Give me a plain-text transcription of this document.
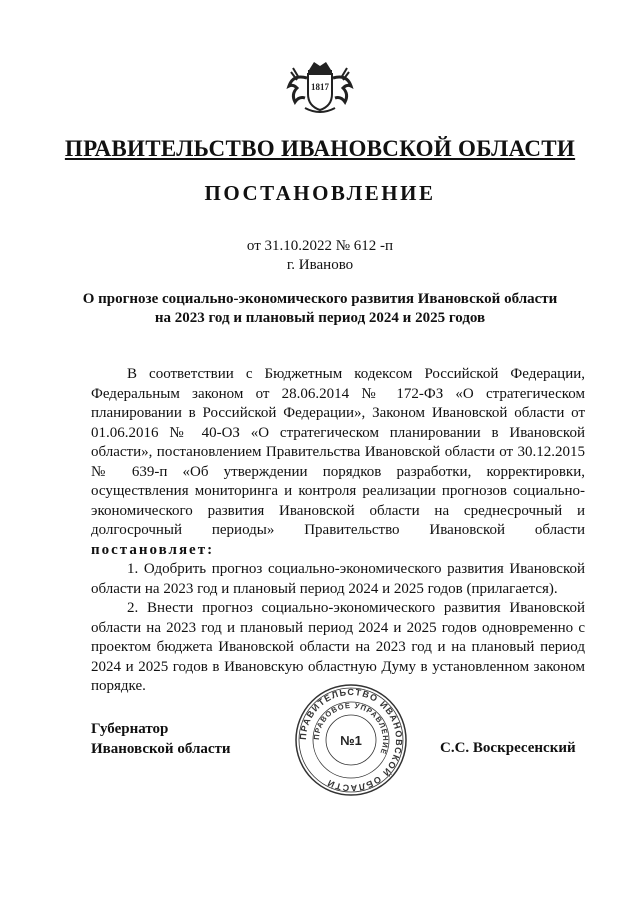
1817
ПРАВИТЕЛЬСТВО ИВАНОВСКОЙ ОБЛАСТИ
ПОСТАНОВЛЕНИЕ
от 31.10.2022 № 612 -п
г. Иваново
О прогнозе социально-экономического развития Ивановской области
на 2023 год и плановый период 2024 и 2025 годов

В соответствии с Бюджетным кодексом Российской Федерации, Федеральным законом от 28.06.2014 № 172-ФЗ «О стратегическом планировании в Российской Федерации», Законом Ивановской области от 01.06.2016 № 40-ОЗ «О стратегическом планировании в Ивановской области», постановлением Правительства Ивановской области от 30.12.2015 № 639-п «Об утверждении порядков разработки, корректировки, осуществления мониторинга и контроля реализации прогнозов социально-экономического развития Ивановской области на среднесрочный и долгосрочный периоды» Правительство Ивановской области постановляет:

1. Одобрить прогноз социально-экономического развития Ивановской области на 2023 год и плановый период 2024 и 2025 годов (прилагается).

2. Внести прогноз социально-экономического развития Ивановской области на 2023 год и плановый период 2024 и 2025 годов одновременно с проектом бюджета Ивановской области на 2023 год и на плановый период 2024 и 2025 годов в Ивановскую областную Думу в установленном законом порядке.

Губернатор
Ивановской области
ПРАВИТЕЛЬСТВО ИВАНОВСКОЙ ОБЛАСТИ
ПРАВОВОЕ УПРАВЛЕНИЕ
№1	С.С. Воскресенский
